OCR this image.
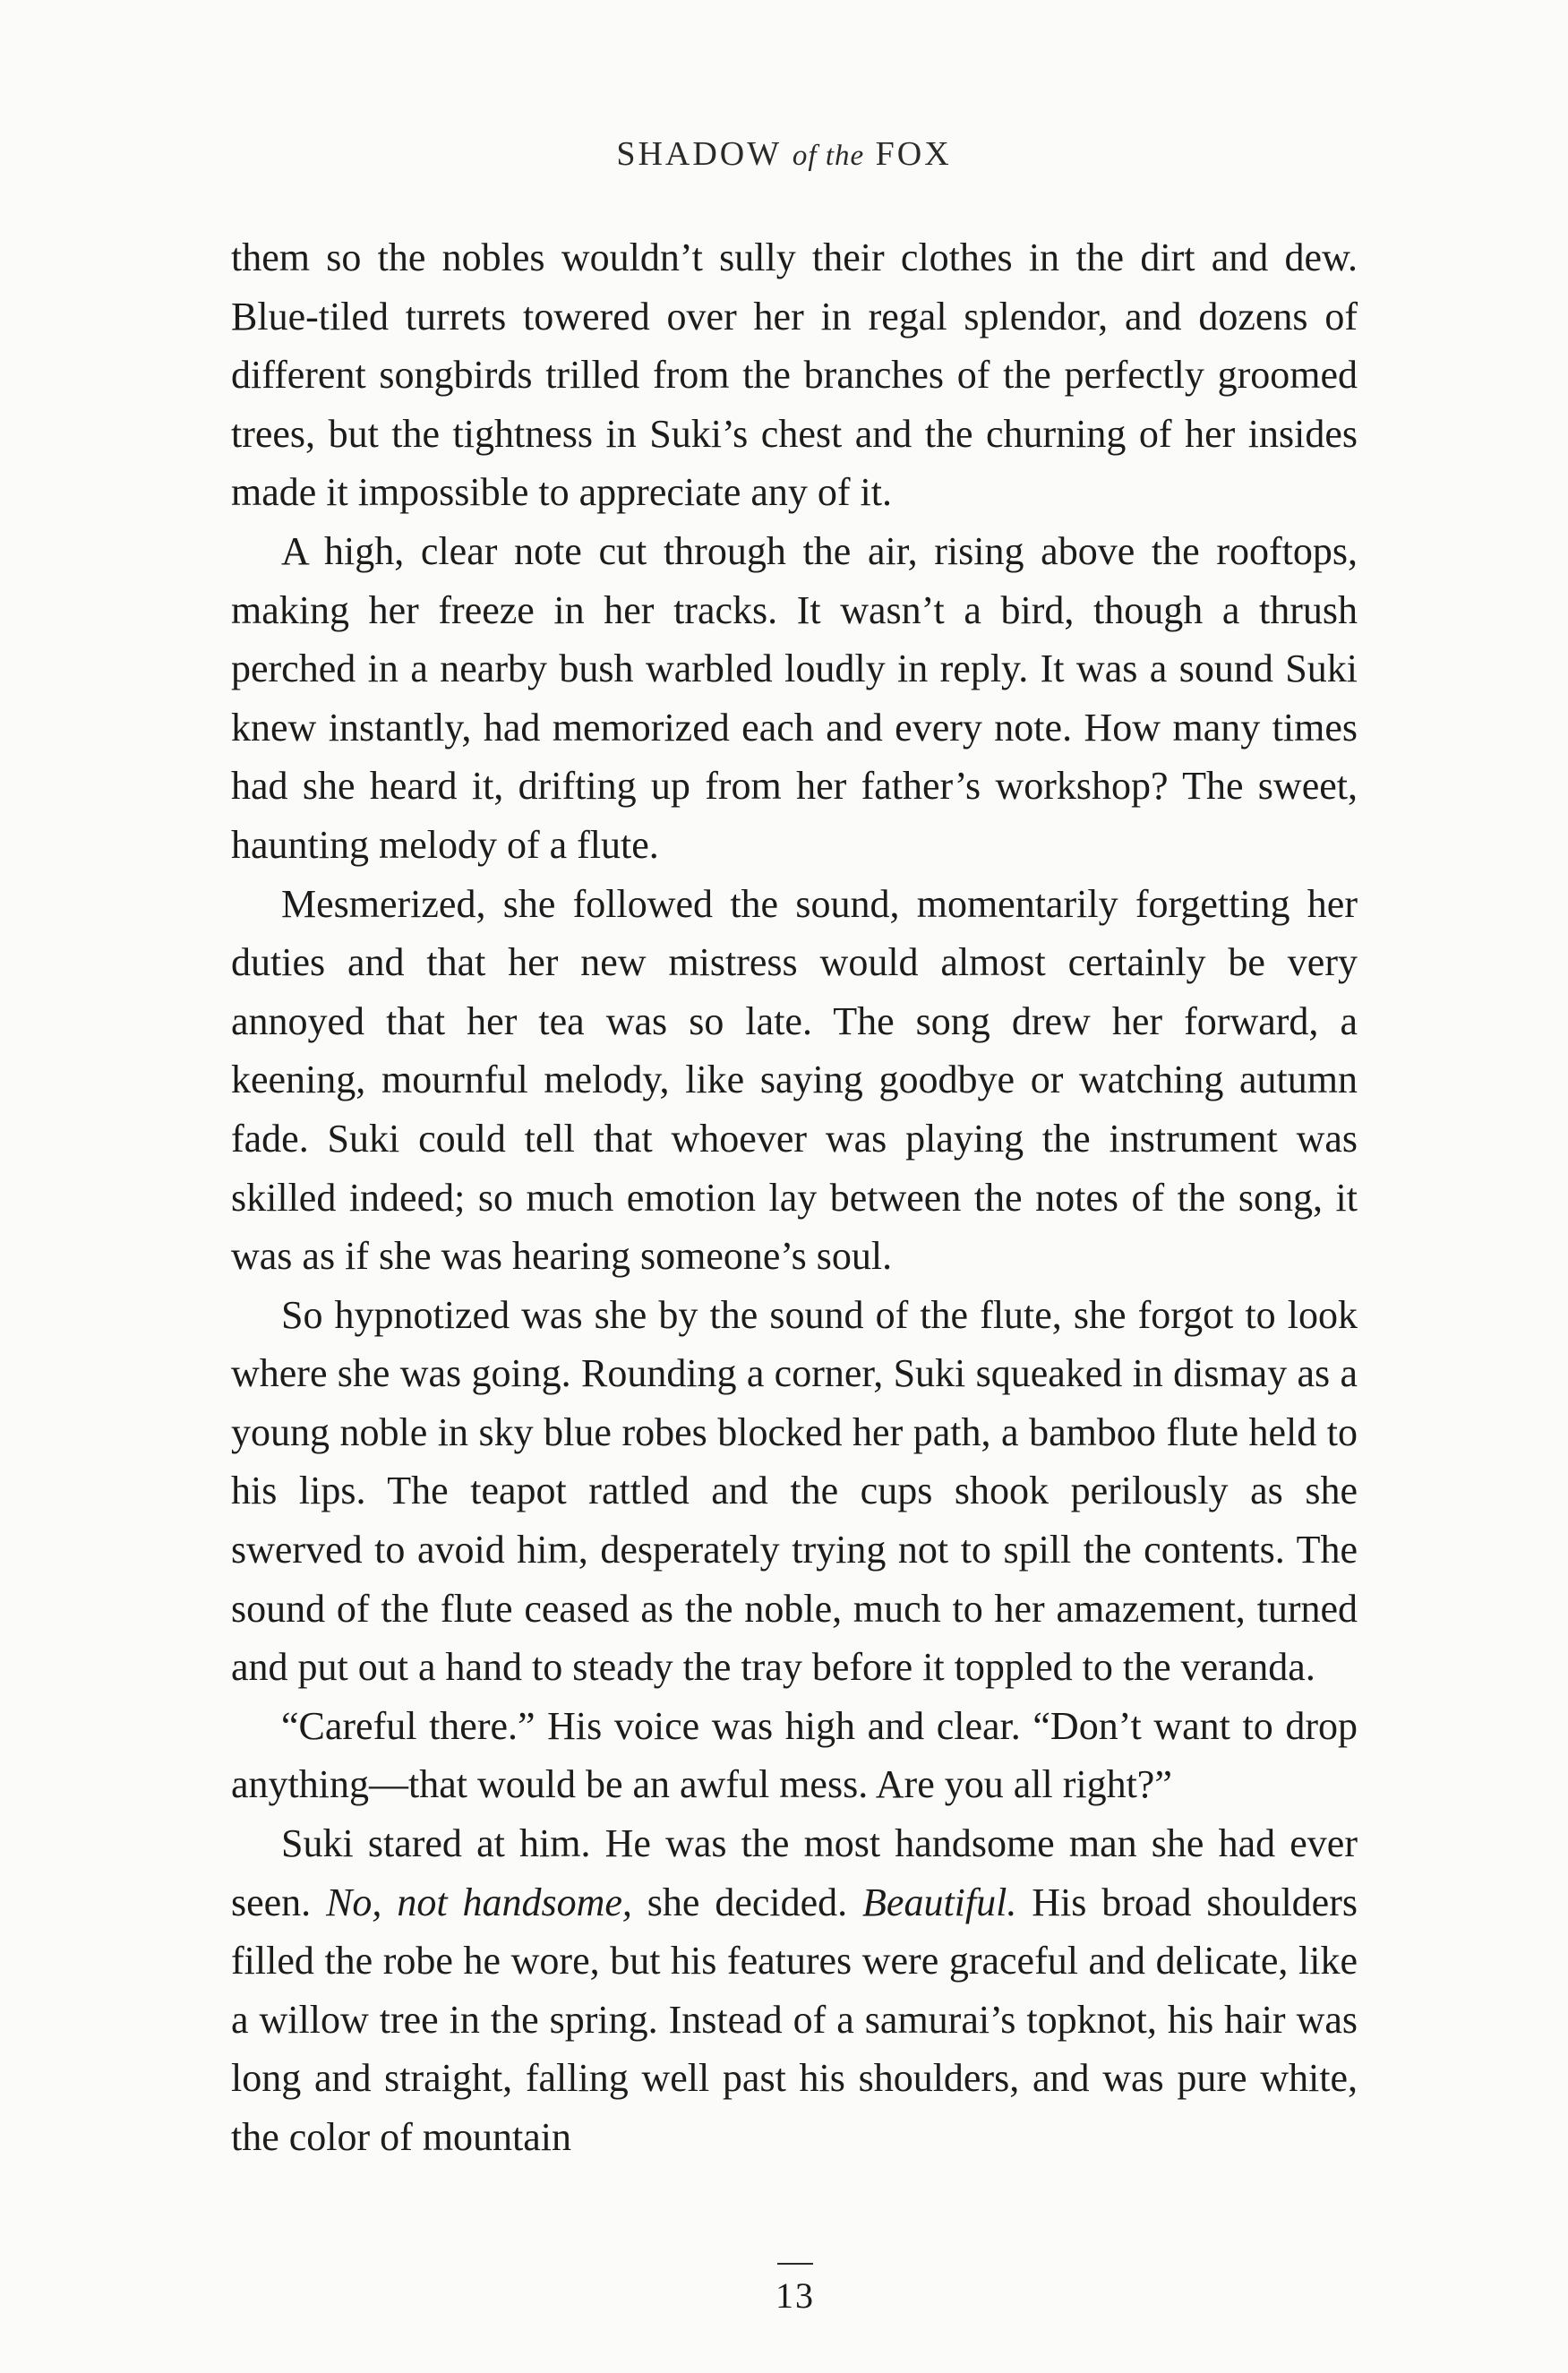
SHADOW of the FOX

them so the nobles wouldn’t sully their clothes in the dirt and dew. Blue-tiled turrets towered over her in regal splendor, and dozens of different songbirds trilled from the branches of the perfectly groomed trees, but the tightness in Suki’s chest and the churning of her insides made it impossible to appreciate any of it.

A high, clear note cut through the air, rising above the rooftops, making her freeze in her tracks. It wasn’t a bird, though a thrush perched in a nearby bush warbled loudly in reply. It was a sound Suki knew instantly, had memorized each and every note. How many times had she heard it, drifting up from her father’s workshop? The sweet, haunting melody of a flute.

Mesmerized, she followed the sound, momentarily forgetting her duties and that her new mistress would almost certainly be very annoyed that her tea was so late. The song drew her forward, a keening, mournful melody, like saying goodbye or watching autumn fade. Suki could tell that whoever was playing the instrument was skilled indeed; so much emotion lay between the notes of the song, it was as if she was hearing someone’s soul.

So hypnotized was she by the sound of the flute, she forgot to look where she was going. Rounding a corner, Suki squeaked in dismay as a young noble in sky blue robes blocked her path, a bamboo flute held to his lips. The teapot rattled and the cups shook perilously as she swerved to avoid him, desperately trying not to spill the contents. The sound of the flute ceased as the noble, much to her amazement, turned and put out a hand to steady the tray before it toppled to the veranda.

“Careful there.” His voice was high and clear. “Don’t want to drop anything—that would be an awful mess. Are you all right?”

Suki stared at him. He was the most handsome man she had ever seen. No, not handsome, she decided. Beautiful. His broad shoulders filled the robe he wore, but his features were graceful and delicate, like a willow tree in the spring. Instead of a samurai’s topknot, his hair was long and straight, falling well past his shoulders, and was pure white, the color of mountain

13
